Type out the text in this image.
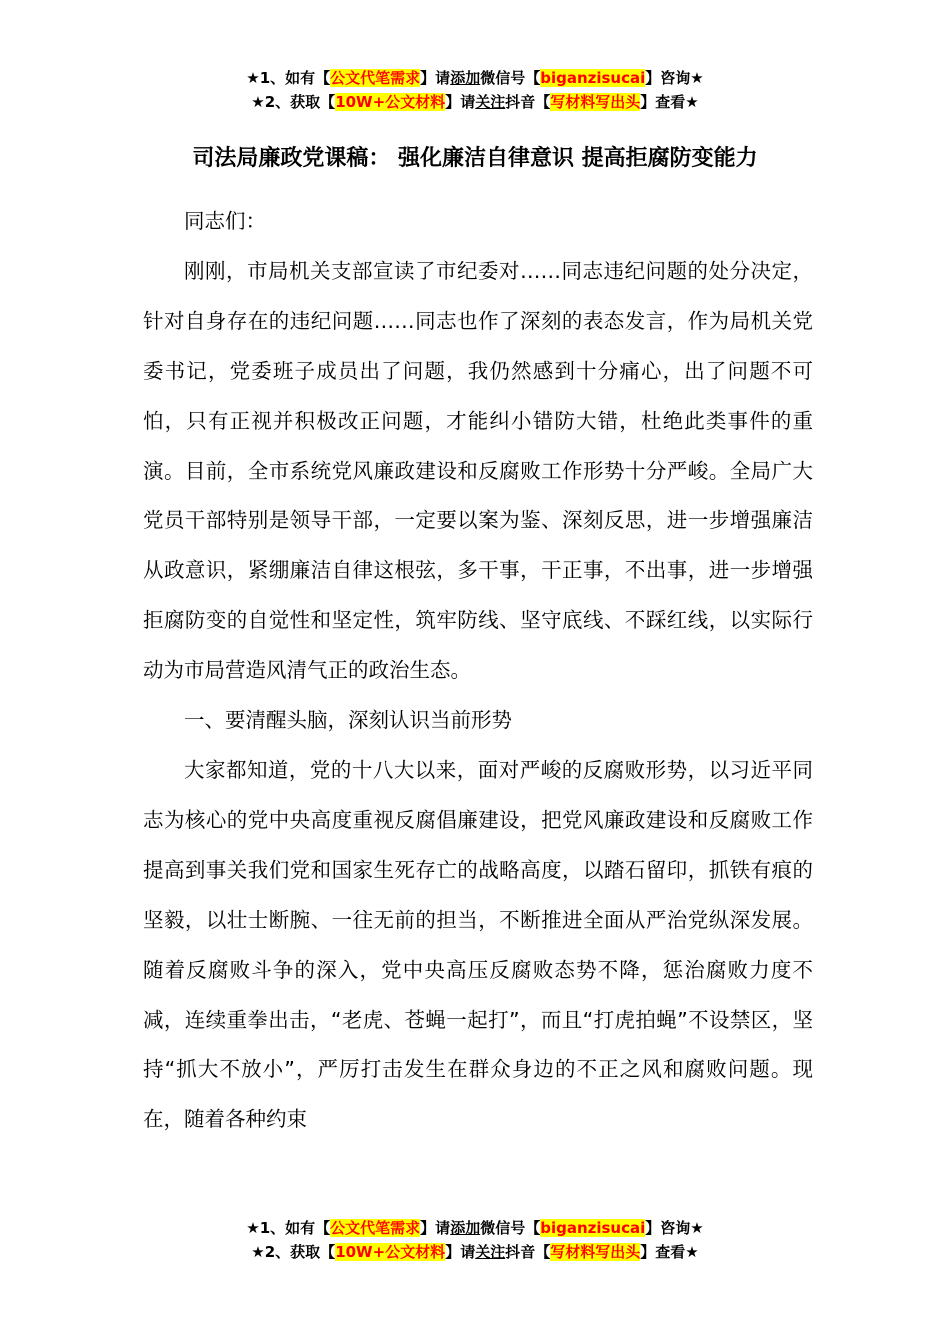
★1、如有【公文代笔需求】请添加微信号【biganzisucai】咨询★
★2、获取【10W+公文材料】请关注抖音【写材料写出头】查看★
司法局廉政党课稿： 强化廉洁自律意识 提高拒腐防变能力

同志们：

刚刚，市局机关支部宣读了市纪委对……同志违纪问题的处分决定，针对自身存在的违纪问题……同志也作了深刻的表态发言，作为局机关党委书记，党委班子成员出了问题，我仍然感到十分痛心，出了问题不可怕，只有正视并积极改正问题，才能纠小错防大错，杜绝此类事件的重演。目前，全市系统党风廉政建设和反腐败工作形势十分严峻。全局广大党员干部特别是领导干部，一定要以案为鉴、深刻反思，进一步增强廉洁从政意识，紧绷廉洁自律这根弦，多干事，干正事，不出事，进一步增强拒腐防变的自觉性和坚定性，筑牢防线、坚守底线、不踩红线，以实际行动为市局营造风清气正的政治生态。

一、要清醒头脑，深刻认识当前形势

大家都知道，党的十八大以来，面对严峻的反腐败形势，以习近平同志为核心的党中央高度重视反腐倡廉建设，把党风廉政建设和反腐败工作提高到事关我们党和国家生死存亡的战略高度，以踏石留印，抓铁有痕的坚毅，以壮士断腕、一往无前的担当，不断推进全面从严治党纵深发展。随着反腐败斗争的深入，党中央高压反腐败态势不降，惩治腐败力度不减，连续重拳出击，“老虎、苍蝇一起打”，而且“打虎拍蝇”不设禁区，坚持“抓大不放小”，严厉打击发生在群众身边的不正之风和腐败问题。现在，随着各种约束

★1、如有【公文代笔需求】请添加微信号【biganzisucai】咨询★
★2、获取【10W+公文材料】请关注抖音【写材料写出头】查看★
